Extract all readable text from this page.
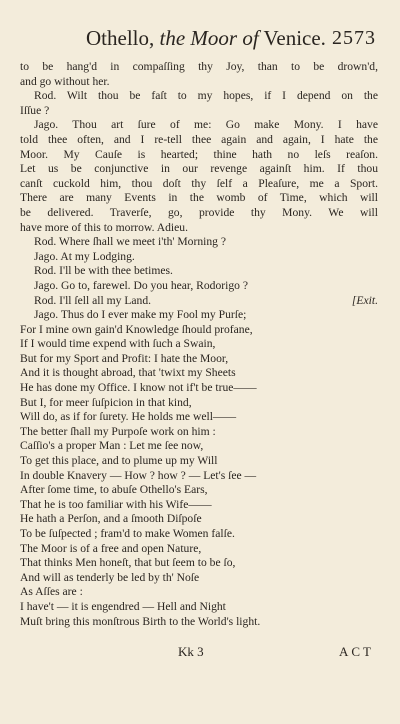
Othello, the Moor of Venice. 2573
to be hang'd in compaſſing thy Joy, than to be drown'd,
and go without her.
Rod. Wilt thou be faſt to my hopes, if I depend on the
Iſſue ?
Jago. Thou art ſure of me: Go make Mony. I have
told thee often, and I re-tell thee again and again, I hate the
Moor. My Cauſe is hearted; thine hath no leſs reaſon.
Let us be conjunctive in our revenge againſt him. If thou
canſt cuckold him, thou doſt thy ſelf a Pleaſure, me a Sport.
There are many Events in the womb of Time, which will
be delivered. Traverſe, go, provide thy Mony. We will
have more of this to morrow. Adieu.
Rod. Where ſhall we meet i'th' Morning ?
Jago. At my Lodging.
Rod. I'll be with thee betimes.
Jago. Go to, farewel. Do you hear, Rodorigo ?
Rod. I'll ſell all my Land.	[Exit.
Jago. Thus do I ever make my Fool my Purſe;
For I mine own gain'd Knowledge ſhould profane,
If I would time expend with ſuch a Swain,
But for my Sport and Profit: I hate the Moor,
And it is thought abroad, that 'twixt my Sheets
He has done my Office. I know not if't be true——
But I, for meer ſuſpicion in that kind,
Will do, as if for ſurety. He holds me well——
The better ſhall my Purpoſe work on him :
Caſſio's a proper Man : Let me ſee now,
To get this place, and to plume up my Will
In double Knavery — How ? how ? — Let's ſee —
After ſome time, to abuſe Othello's Ears,
That he is too familiar with his Wife——
He hath a Perſon, and a ſmooth Diſpoſe
To be ſuſpected ; fram'd to make Women falſe.
The Moor is of a free and open Nature,
That thinks Men honeſt, that but ſeem to be ſo,
And will as tenderly be led by th' Noſe
As Aſſes are :
I have't — it is engendred — Hell and Night
Muſt bring this monſtrous Birth to the World's light.
Kk 3	ACT
